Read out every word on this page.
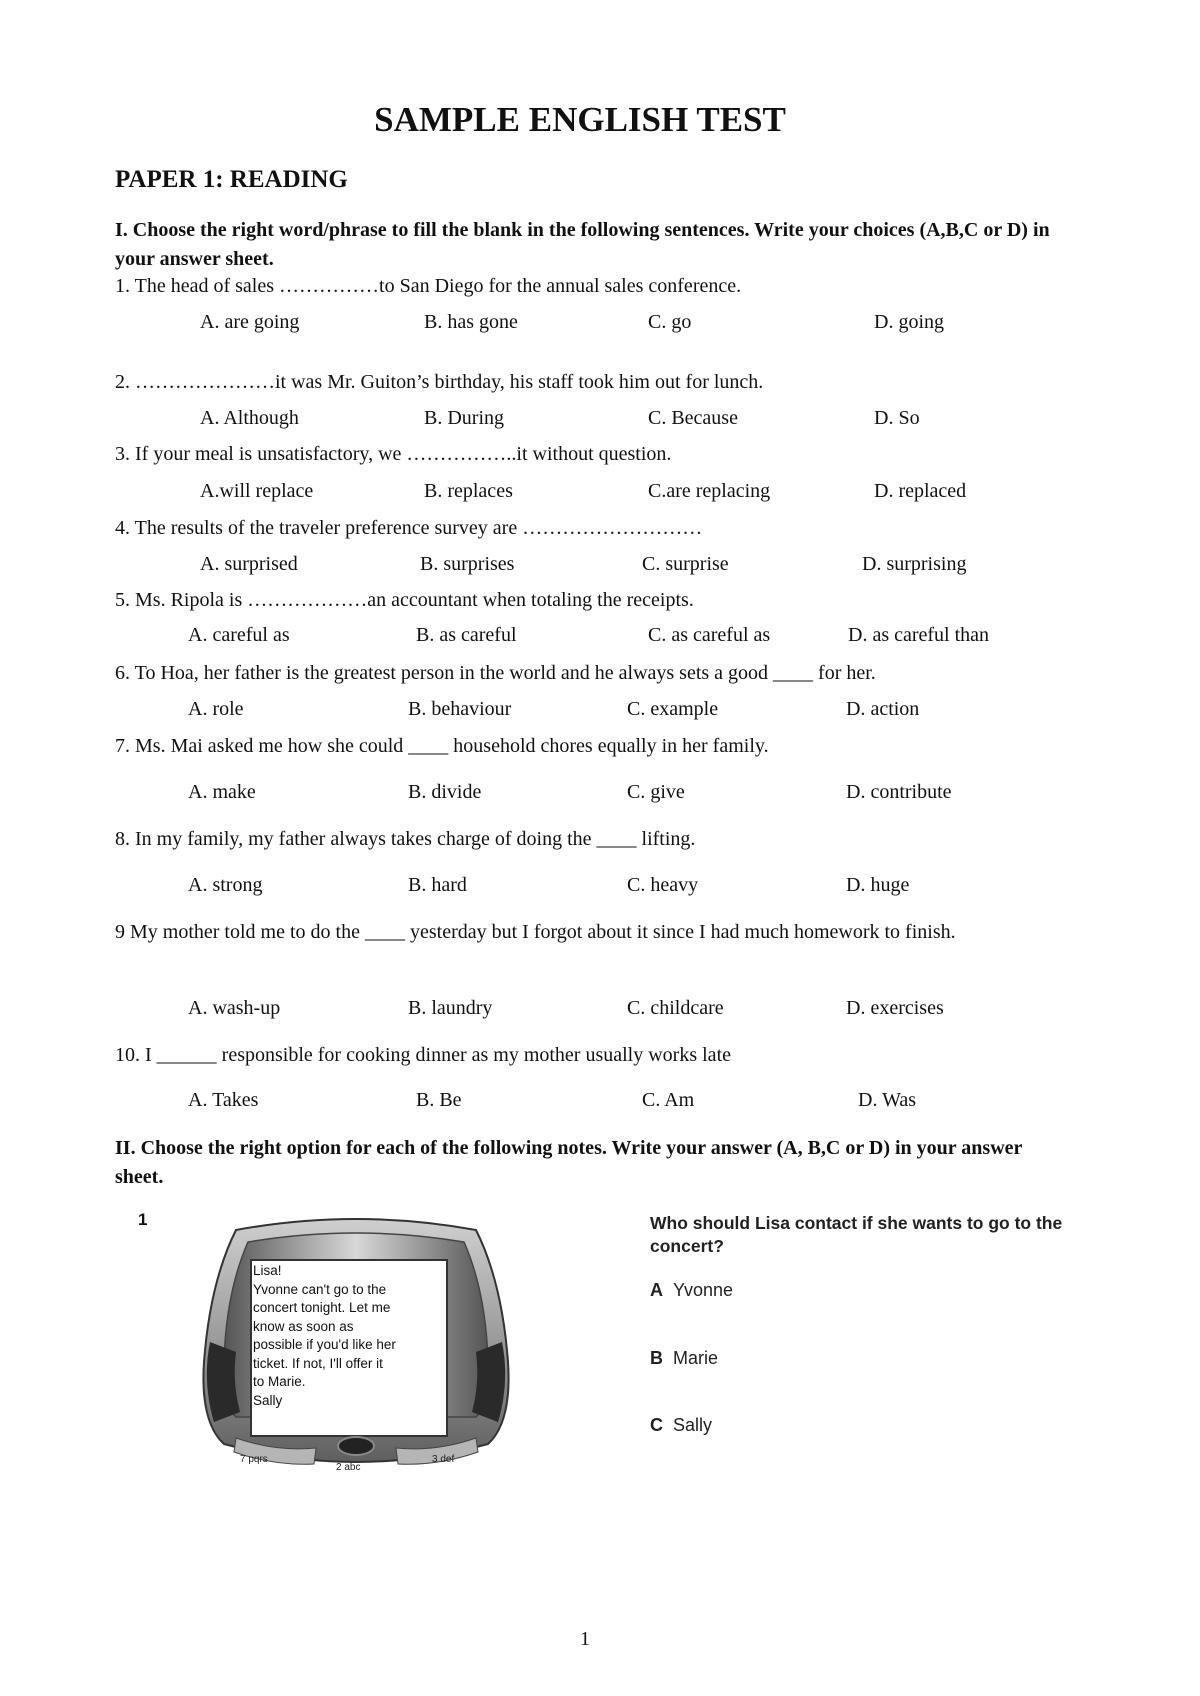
SAMPLE ENGLISH TEST
PAPER 1: READING
I. Choose the right word/phrase to fill the blank in the following sentences. Write your choices (A,B,C or D) in your answer sheet.
1. The head of sales ……………to San Diego for the annual sales conference.
A. are going	B. has gone	C. go	D. going
2. …………………it was Mr. Guiton’s birthday, his staff took him out for lunch.
A. Although	B. During	C. Because	D. So
3. If your meal is unsatisfactory, we ……………..it without question.
A.will replace	B. replaces	C.are replacing	D. replaced
4. The results of the traveler preference survey are ………………………
A. surprised	B. surprises	C. surprise	D. surprising
5. Ms. Ripola is ………………an accountant when totaling the receipts.
A. careful as	B. as careful	C. as careful as	D. as careful than
6. To Hoa, her father is the greatest person in the world and he always sets a good ____ for her.
A. role	B. behaviour	C. example	D. action
7. Ms. Mai asked me how she could ____ household chores equally in her family.
A. make	B. divide	C. give	D. contribute
8. In my family, my father always takes charge of doing the ____ lifting.
A. strong	B. hard	C. heavy	D. huge
9 My mother told me to do the ____ yesterday but I forgot about it since I had much homework to finish.
A. wash-up	B. laundry	C. childcare	D. exercises
10. I ______ responsible for cooking dinner as my mother usually works late
A. Takes	B. Be	C. Am	D. Was
II. Choose the right option for each of the following notes. Write your answer (A, B,C or D) in your answer sheet.
1
7 pqrs
2 abc
3 def
Lisa!
Yvonne can't go to the
concert tonight. Let me
know as soon as
possible if you'd like her
ticket. If not, I'll offer it
to Marie.
Sally
Who should Lisa contact if she wants to go to the concert?
A Yvonne
B Marie
C Sally
1
